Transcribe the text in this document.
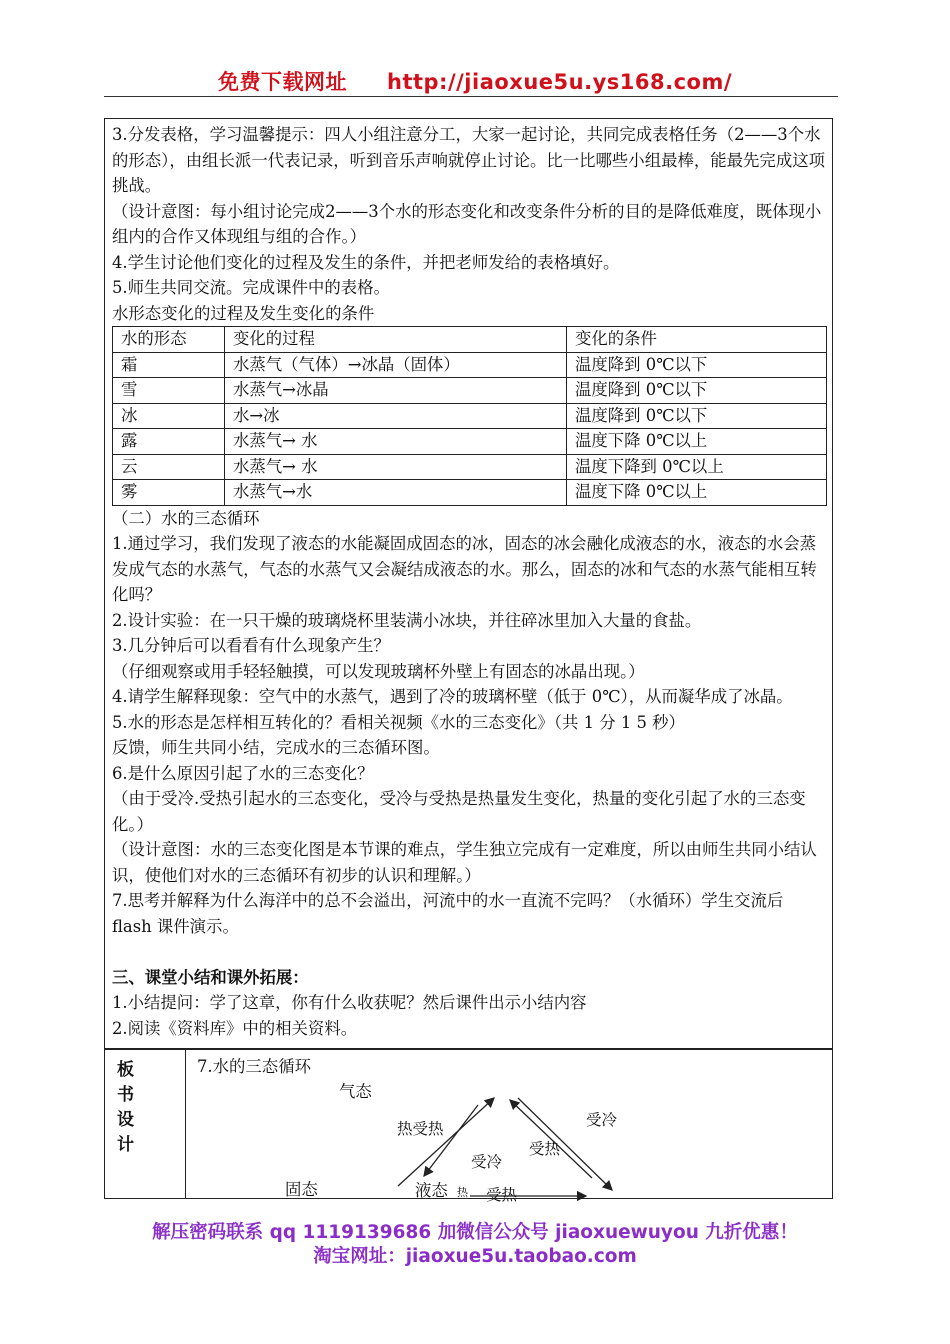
免费下载网址 http://jiaoxue5u.ys168.com/

3.分发表格，学习温馨提示：四人小组注意分工，大家一起讨论，共同完成表格任务（2——3个水的形态），由组长派一代表记录，听到音乐声响就停止讨论。比一比哪些小组最棒，能最先完成这项挑战。

（设计意图：每小组讨论完成2——3个水的形态变化和改变条件分析的目的是降低难度，既体现小组内的合作又体现组与组的合作。）

4.学生讨论他们变化的过程及发生的条件，并把老师发给的表格填好。

5.师生共同交流。完成课件中的表格。

水形态变化的过程及发生变化的条件

水的形态	变化的过程	变化的条件
霜	水蒸气（气体）→冰晶（固体）	温度降到 0℃以下
雪	水蒸气→冰晶	温度降到 0℃以下
冰	水→冰	温度降到 0℃以下
露	水蒸气→ 水	温度下降 0℃以上
云	水蒸气→ 水	温度下降到 0℃以上
雾	水蒸气→水	温度下降 0℃以上

（二）水的三态循环

1.通过学习，我们发现了液态的水能凝固成固态的冰，固态的冰会融化成液态的水，液态的水会蒸发成气态的水蒸气，气态的水蒸气又会凝结成液态的水。那么，固态的冰和气态的水蒸气能相互转化吗？

2.设计实验：在一只干燥的玻璃烧杯里装满小冰块，并往碎冰里加入大量的食盐。

3.几分钟后可以看看有什么现象产生？

（仔细观察或用手轻轻触摸，可以发现玻璃杯外壁上有固态的冰晶出现。）

4.请学生解释现象：空气中的水蒸气，遇到了冷的玻璃杯壁（低于 0℃），从而凝华成了冰晶。

5.水的形态是怎样相互转化的？看相关视频《水的三态变化》（共 1 分 1 5 秒）

反馈，师生共同小结，完成水的三态循环图。

6.是什么原因引起了水的三态变化？

（由于受冷.受热引起水的三态变化，受冷与受热是热量发生变化，热量的变化引起了水的三态变化。）

（设计意图：水的三态变化图是本节课的难点，学生独立完成有一定难度，所以由师生共同小结认识，使他们对水的三态循环有初步的认识和理解。）

7.思考并解释为什么海洋中的总不会溢出，河流中的水一直流不完吗？（水循环）学生交流后 flash 课件演示。

三、课堂小结和课外拓展：

1.小结提问：学了这章，你有什么收获呢？然后课件出示小结内容

2.阅读《资料库》中的相关资料。

板
书
设
计
7.水的三态循环
气态
固态	液态
热受热
受冷
受热
受冷
受热
热
解压密码联系 qq 1119139686 加微信公众号 jiaoxuewuyou 九折优惠！
淘宝网址：jiaoxue5u.taobao.com
